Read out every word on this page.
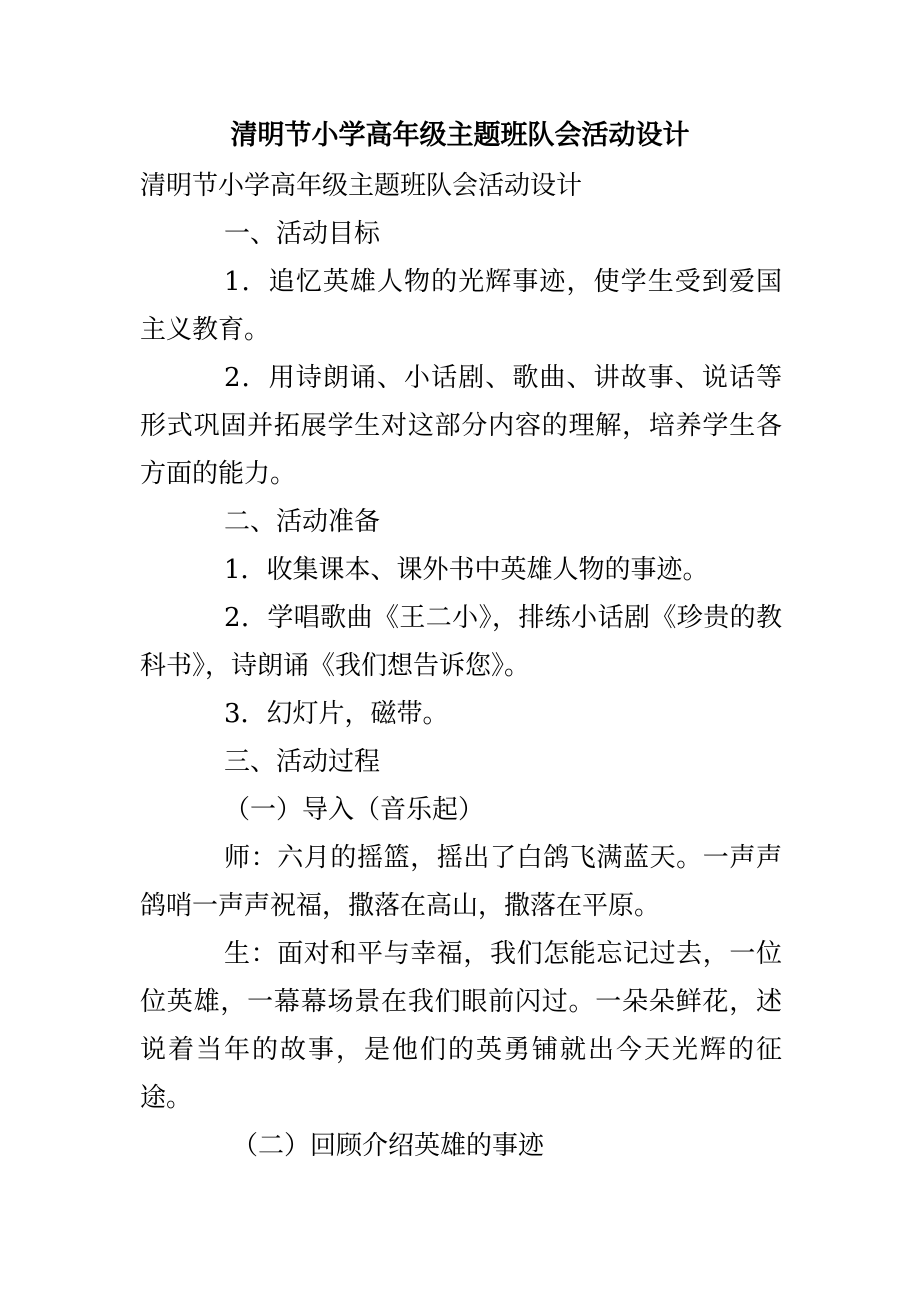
清明节小学高年级主题班队会活动设计

清明节小学高年级主题班队会活动设计

一、活动目标

1．追忆英雄人物的光辉事迹，使学生受到爱国主义教育。

2．用诗朗诵、小话剧、歌曲、讲故事、说话等形式巩固并拓展学生对这部分内容的理解，培养学生各方面的能力。

二、活动准备

1．收集课本、课外书中英雄人物的事迹。

2．学唱歌曲《王二小》，排练小话剧《珍贵的教科书》，诗朗诵《我们想告诉您》。

3．幻灯片，磁带。

三、活动过程

（一）导入（音乐起）

师：六月的摇篮，摇出了白鸽飞满蓝天。一声声鸽哨一声声祝福，撒落在高山，撒落在平原。

生：面对和平与幸福，我们怎能忘记过去，一位位英雄，一幕幕场景在我们眼前闪过。一朵朵鲜花，述说着当年的故事，是他们的英勇铺就出今天光辉的征途。

（二）回顾介绍英雄的事迹
